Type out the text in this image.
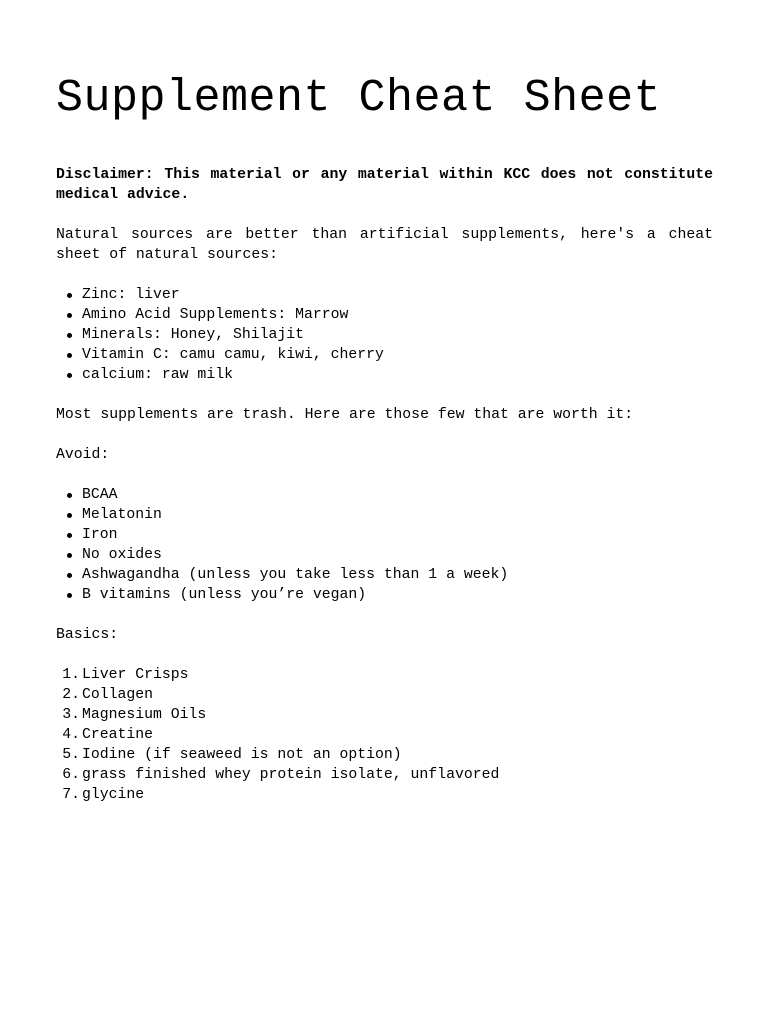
Supplement Cheat Sheet

Disclaimer: This material or any material within KCC does not constitute medical advice.

Natural sources are better than artificial supplements, here's a cheat sheet of natural sources:

Zinc: liver
Amino Acid Supplements: Marrow
Minerals: Honey, Shilajit
Vitamin C: camu camu, kiwi, cherry
calcium: raw milk

Most supplements are trash. Here are those few that are worth it:

Avoid:

BCAA
Melatonin
Iron
No oxides
Ashwagandha (unless you take less than 1 a week)
B vitamins (unless you’re vegan)

Basics:

1. Liver Crisps
2. Collagen
3. Magnesium Oils
4. Creatine
5. Iodine (if seaweed is not an option)
6. grass finished whey protein isolate, unflavored
7. glycine
